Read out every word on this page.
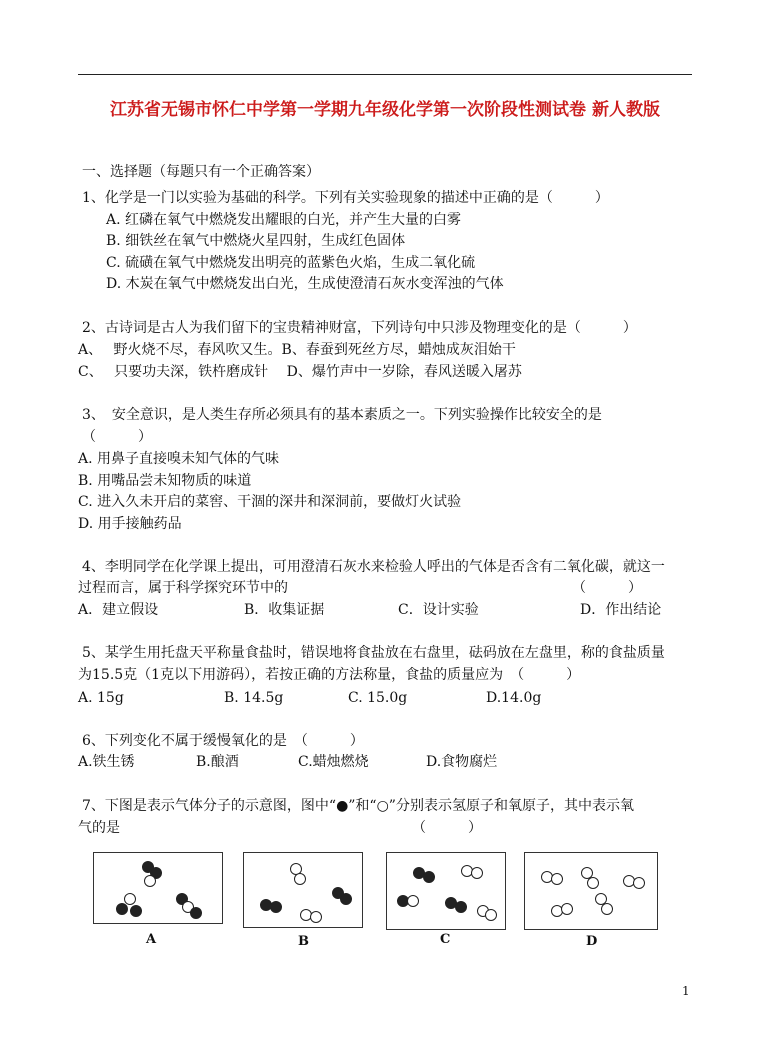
江苏省无锡市怀仁中学第一学期九年级化学第一次阶段性测试卷 新人教版
一、选择题（每题只有一个正确答案）
1、化学是一门以实验为基础的科学。下列有关实验现象的描述中正确的是（　　　）
A. 红磷在氧气中燃烧发出耀眼的白光，并产生大量的白雾
B. 细铁丝在氧气中燃烧火星四射，生成红色固体
C. 硫磺在氧气中燃烧发出明亮的蓝紫色火焰，生成二氧化硫
D. 木炭在氧气中燃烧发出白光，生成使澄清石灰水变浑浊的气体
2、古诗词是古人为我们留下的宝贵精神财富，下列诗句中只涉及物理变化的是（　　　）
A、　 野火烧不尽，春风吹又生。B、春蚕到死丝方尽，蜡烛成灰泪始干
C、　 只要功夫深，铁杵磨成针　 D、爆竹声中一岁除，春风送暖入屠苏
3、　安全意识，是人类生存所必须具有的基本素质之一。下列实验操作比较安全的是
（　　　）
A. 用鼻子直接嗅未知气体的气味
B. 用嘴品尝未知物质的味道
C. 进入久未开启的菜窖、干涸的深井和深洞前，要做灯火试验
D. 用手接触药品
4、李明同学在化学课上提出，可用澄清石灰水来检验人呼出的气体是否含有二氧化碳，就这一
过程而言，属于科学探究环节中的	（　　　）
A．建立假设	B．收集证据	C．设计实验	D．作出结论
5、某学生用托盘天平称量食盐时，错误地将食盐放在右盘里，砝码放在左盘里，称的食盐质量
为15.5克（1克以下用游码），若按正确的方法称量，食盐的质量应为　（　　　）
A. 15g	B. 14.5g	C. 15.0g	D.14.0g
6、下列变化不属于缓慢氧化的是　（　　　）
A.铁生锈	B.酿酒	C.蜡烛燃烧	D.食物腐烂
7、下图是表示气体分子的示意图，图中“●”和“○”分别表示氢原子和氧原子，其中表示氧
气的是	（　　　）
A	B	C	D
1
